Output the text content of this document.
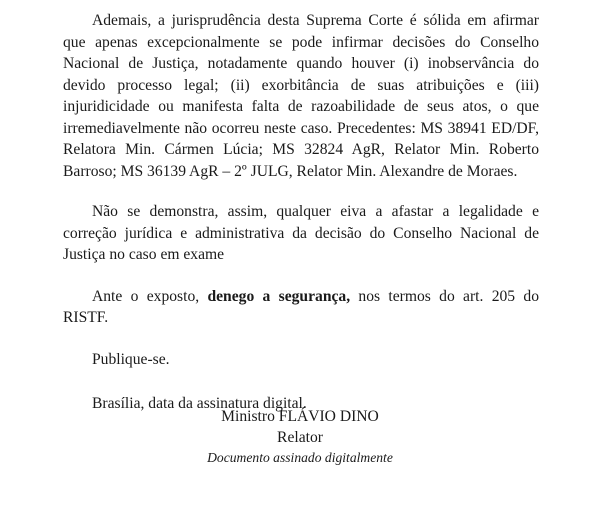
Ademais, a jurisprudência desta Suprema Corte é sólida em afirmar que apenas excepcionalmente se pode infirmar decisões do Conselho Nacional de Justiça, notadamente quando houver (i) inobservância do devido processo legal; (ii) exorbitância de suas atribuições e (iii) injuridicidade ou manifesta falta de razoabilidade de seus atos, o que irremediavelmente não ocorreu neste caso. Precedentes: MS 38941 ED/DF, Relatora Min. Cármen Lúcia; MS 32824 AgR, Relator Min. Roberto Barroso; MS 36139 AgR – 2º JULG, Relator Min. Alexandre de Moraes.

Não se demonstra, assim, qualquer eiva a afastar a legalidade e correção jurídica e administrativa da decisão do Conselho Nacional de Justiça no caso em exame

Ante o exposto, denego a segurança, nos termos do art. 205 do RISTF.

Publique-se.

Brasília, data da assinatura digital.

Ministro FLÁVIO DINO
Relator
Documento assinado digitalmente
